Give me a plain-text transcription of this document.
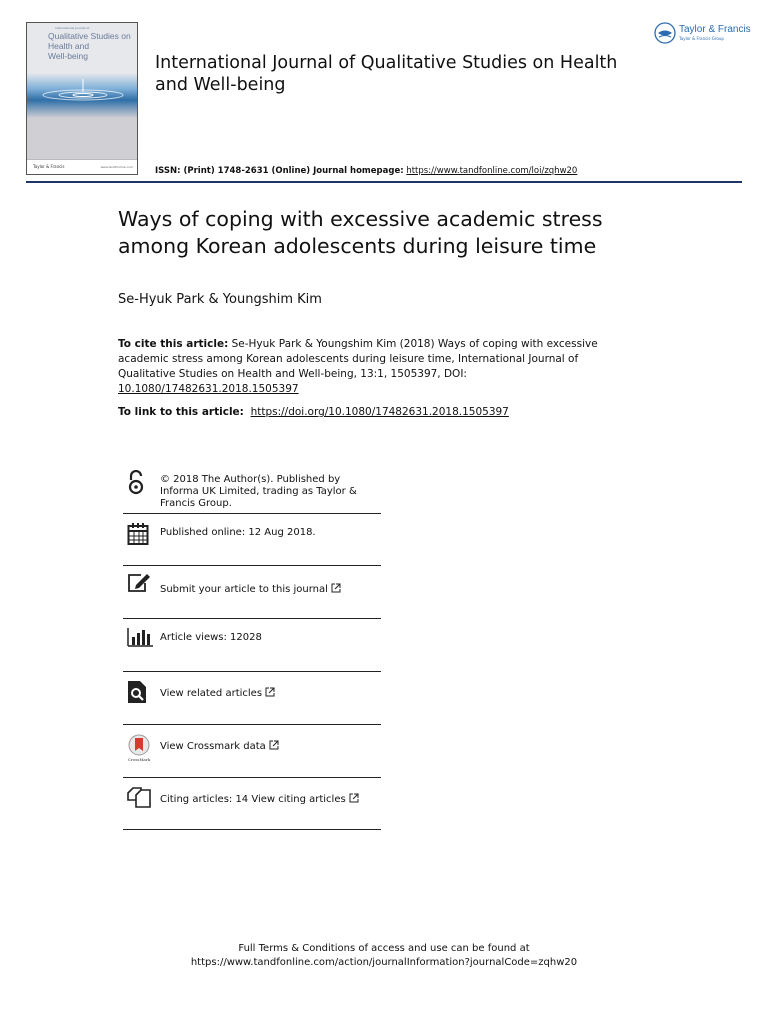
International Journal of
Qualitative Studies on
Health and
Well-being
Taylor & Francis	www.tandfonline.com
International Journal of Qualitative Studies on Health and Well-being
Taylor & Francis
Taylor & Francis Group
ISSN: (Print) 1748-2631 (Online) Journal homepage: https://www.tandfonline.com/loi/zqhw20
Ways of coping with excessive academic stress among Korean adolescents during leisure time
Se-Hyuk Park & Youngshim Kim
To cite this article: Se-Hyuk Park & Youngshim Kim (2018) Ways of coping with excessive academic stress among Korean adolescents during leisure time, International Journal of Qualitative Studies on Health and Well-being, 13:1, 1505397, DOI: 10.1080/17482631.2018.1505397
To link to this article: https://doi.org/10.1080/17482631.2018.1505397
© 2018 The Author(s). Published by Informa UK Limited, trading as Taylor & Francis Group.
Published online: 12 Aug 2018.
Submit your article to this journal
Article views: 12028
View related articles
CrossMark
View Crossmark data
Citing articles: 14 View citing articles
Full Terms & Conditions of access and use can be found at
https://www.tandfonline.com/action/journalInformation?journalCode=zqhw20
